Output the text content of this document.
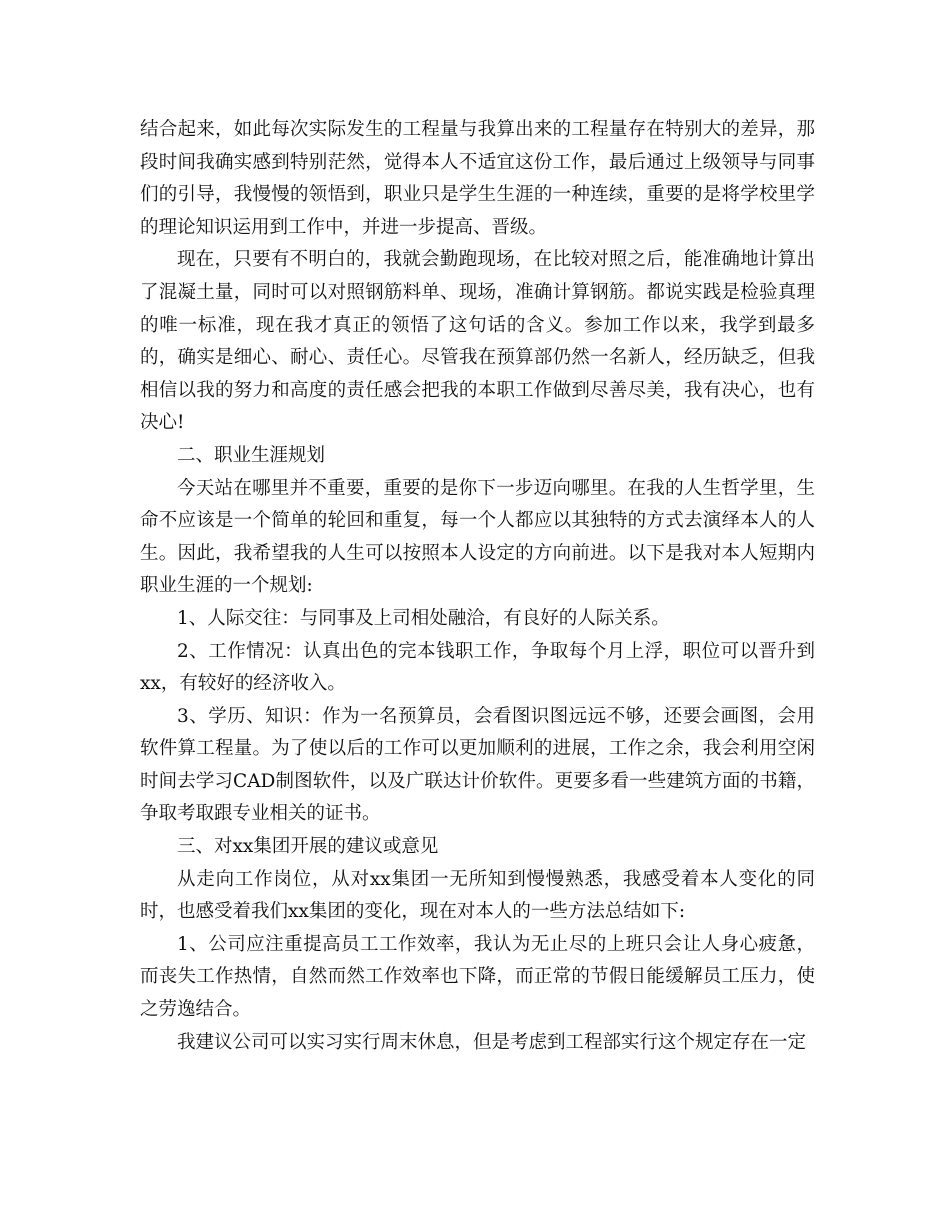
结合起来，如此每次实际发生的工程量与我算出来的工程量存在特别大的差异，那段时间我确实感到特别茫然，觉得本人不适宜这份工作，最后通过上级领导与同事们的引导，我慢慢的领悟到，职业只是学生生涯的一种连续，重要的是将学校里学的理论知识运用到工作中，并进一步提高、晋级。

现在，只要有不明白的，我就会勤跑现场，在比较对照之后，能准确地计算出了混凝土量，同时可以对照钢筋料单、现场，准确计算钢筋。都说实践是检验真理的唯一标准，现在我才真正的领悟了这句话的含义。参加工作以来，我学到最多的，确实是细心、耐心、责任心。尽管我在预算部仍然一名新人，经历缺乏，但我相信以我的努力和高度的责任感会把我的本职工作做到尽善尽美，我有决心，也有决心!

二、职业生涯规划

今天站在哪里并不重要，重要的是你下一步迈向哪里。在我的人生哲学里，生命不应该是一个简单的轮回和重复，每一个人都应以其独特的方式去演绎本人的人生。因此，我希望我的人生可以按照本人设定的方向前进。以下是我对本人短期内职业生涯的一个规划:

1、人际交往：与同事及上司相处融洽，有良好的人际关系。

2、工作情况：认真出色的完本钱职工作，争取每个月上浮，职位可以晋升到xx，有较好的经济收入。

3、学历、知识：作为一名预算员，会看图识图远远不够，还要会画图，会用软件算工程量。为了使以后的工作可以更加顺利的进展，工作之余，我会利用空闲时间去学习CAD制图软件，以及广联达计价软件。更要多看一些建筑方面的书籍，争取考取跟专业相关的证书。

三、对xx集团开展的建议或意见

从走向工作岗位，从对xx集团一无所知到慢慢熟悉，我感受着本人变化的同时，也感受着我们xx集团的变化，现在对本人的一些方法总结如下:

1、公司应注重提高员工工作效率，我认为无止尽的上班只会让人身心疲惫，而丧失工作热情，自然而然工作效率也下降，而正常的节假日能缓解员工压力，使之劳逸结合。

我建议公司可以实习实行周末休息，但是考虑到工程部实行这个规定存在一定
